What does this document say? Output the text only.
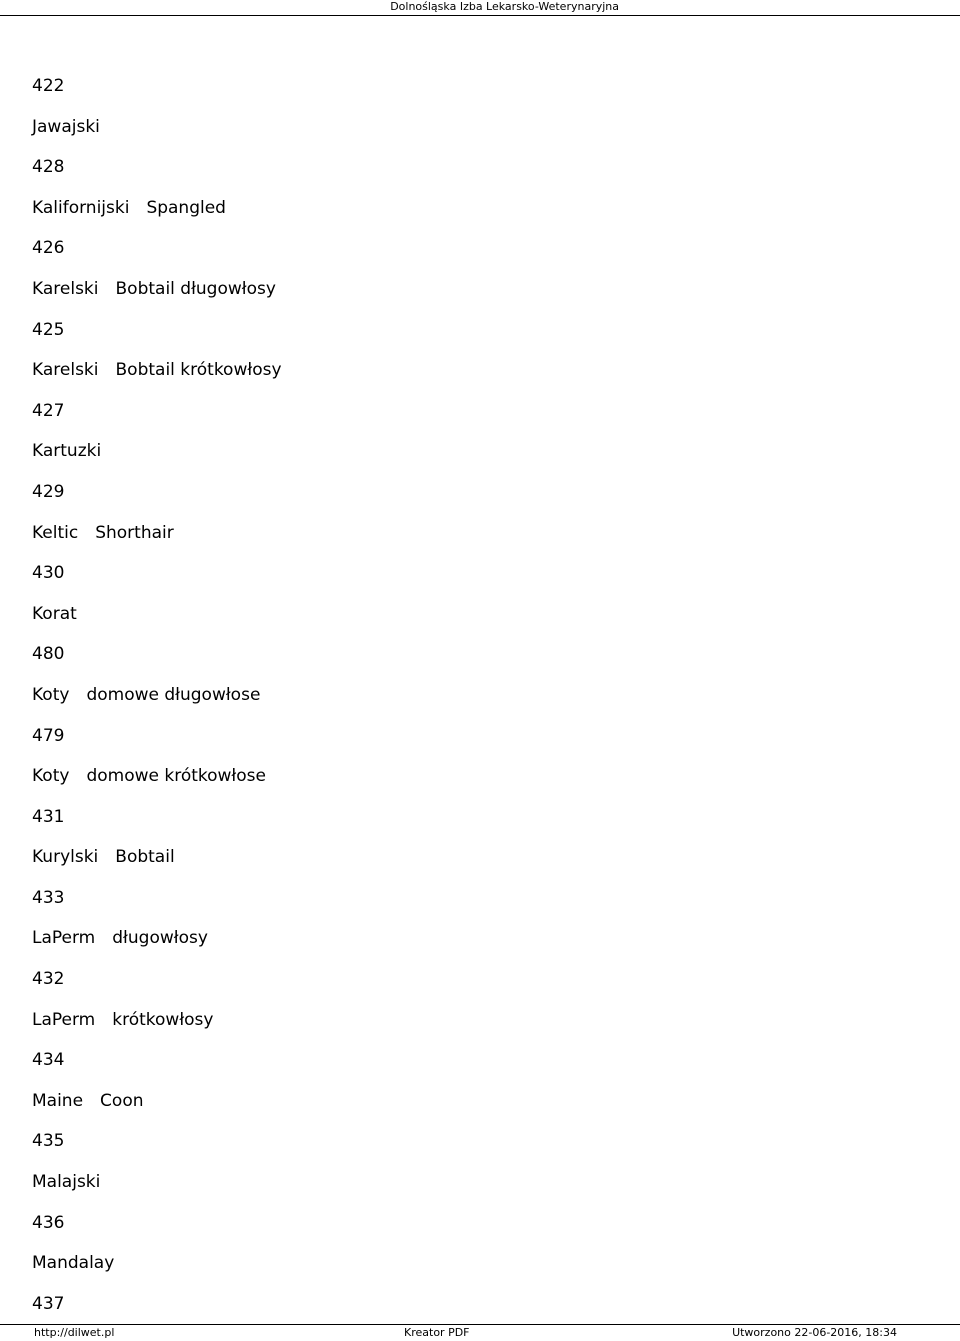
Dolnośląska Izba Lekarsko-Weterynaryjna
422
Jawajski
428
Kalifornijski Spangled
426
Karelski Bobtail długowłosy
425
Karelski Bobtail krótkowłosy
427
Kartuzki
429
Keltic Shorthair
430
Korat
480
Koty domowe długowłose
479
Koty domowe krótkowłose
431
Kurylski Bobtail
433
LaPerm długowłosy
432
LaPerm krótkowłosy
434
Maine Coon
435
Malajski
436
Mandalay
437
http://dilwet.pl	Kreator PDF	Utworzono 22-06-2016, 18:34
